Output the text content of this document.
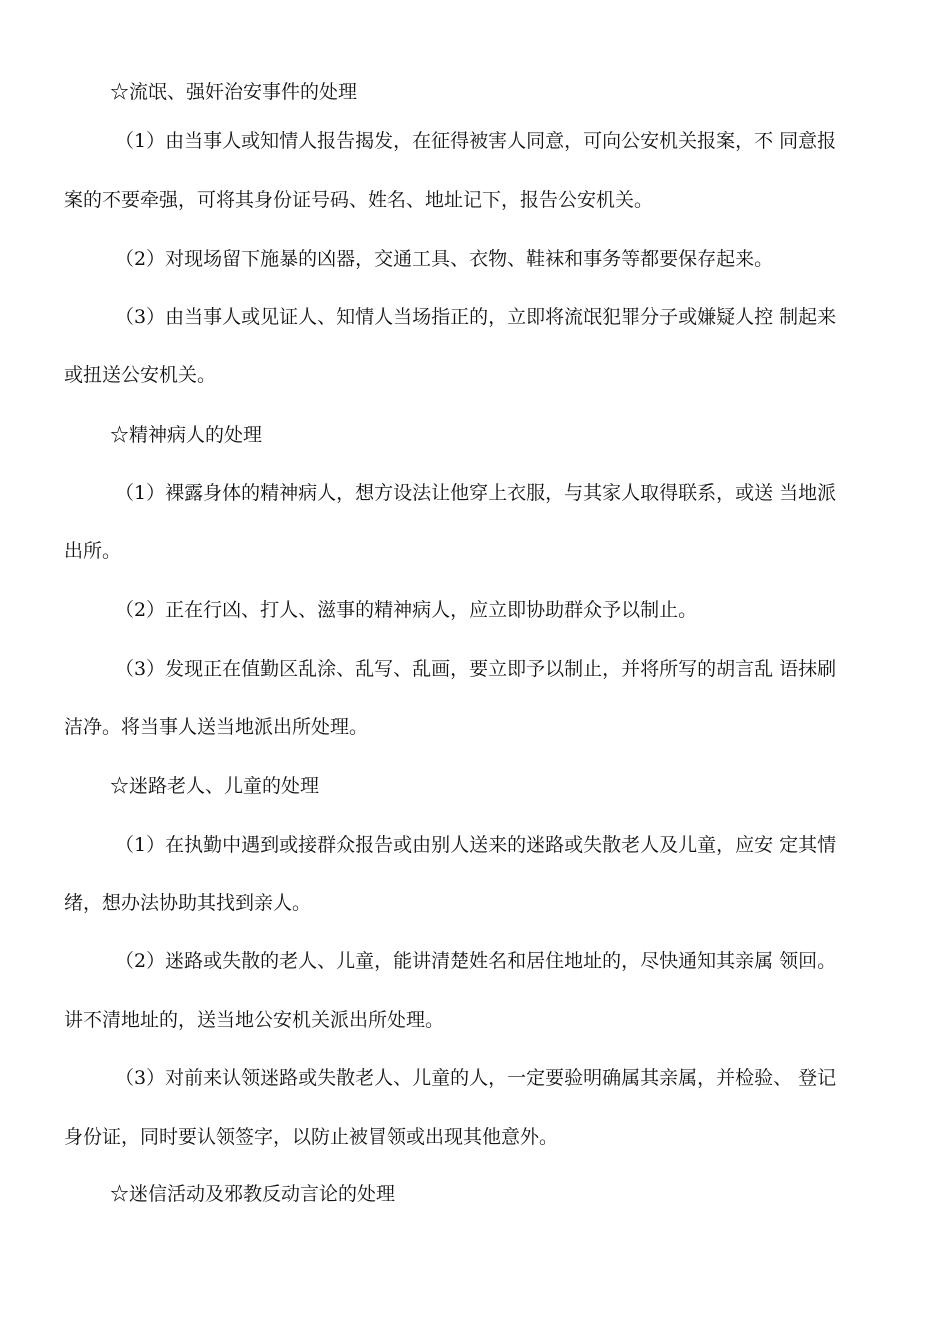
☆流氓、强奸治安事件的处理
（1）由当事人或知情人报告揭发，在征得被害人同意，可向公安机关报案，不 同意报
案的不要牵强，可将其身份证号码、姓名、地址记下，报告公安机关。
（2）对现场留下施暴的凶器，交通工具、衣物、鞋袜和事务等都要保存起来。
（3）由当事人或见证人、知情人当场指正的，立即将流氓犯罪分子或嫌疑人控 制起来
或扭送公安机关。
☆精神病人的处理
（1）裸露身体的精神病人，想方设法让他穿上衣服，与其家人取得联系，或送 当地派
出所。
（2）正在行凶、打人、滋事的精神病人，应立即协助群众予以制止。
（3）发现正在值勤区乱涂、乱写、乱画，要立即予以制止，并将所写的胡言乱 语抹刷
洁净。将当事人送当地派出所处理。
☆迷路老人、儿童的处理
（1）在执勤中遇到或接群众报告或由别人送来的迷路或失散老人及儿童，应安 定其情
绪，想办法协助其找到亲人。
（2）迷路或失散的老人、儿童，能讲清楚姓名和居住地址的，尽快通知其亲属 领回。
讲不清地址的，送当地公安机关派出所处理。
（3）对前来认领迷路或失散老人、儿童的人，一定要验明确属其亲属，并检验、 登记
身份证，同时要认领签字，以防止被冒领或出现其他意外。
☆迷信活动及邪教反动言论的处理
